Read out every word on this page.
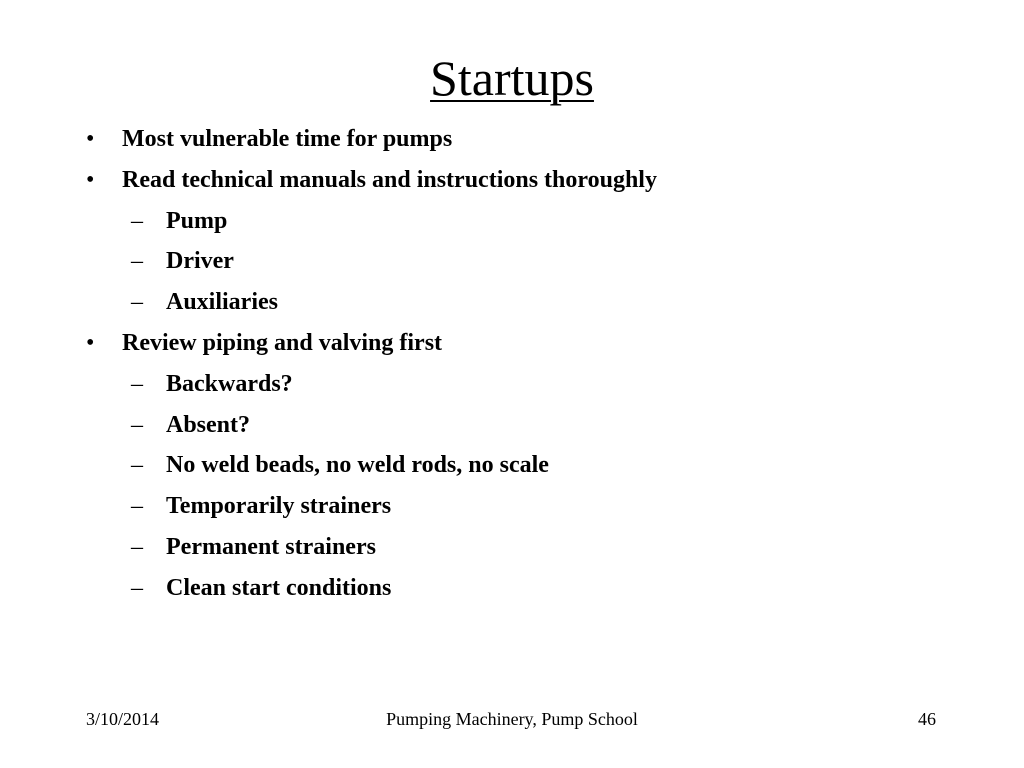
Startups
• Most vulnerable time for pumps
• Read technical manuals and instructions thoroughly
– Pump
– Driver
– Auxiliaries
• Review piping and valving first
– Backwards?
– Absent?
– No weld beads, no weld rods, no scale
– Temporarily strainers
– Permanent strainers
– Clean start conditions
3/10/2014	Pumping Machinery, Pump School	46
